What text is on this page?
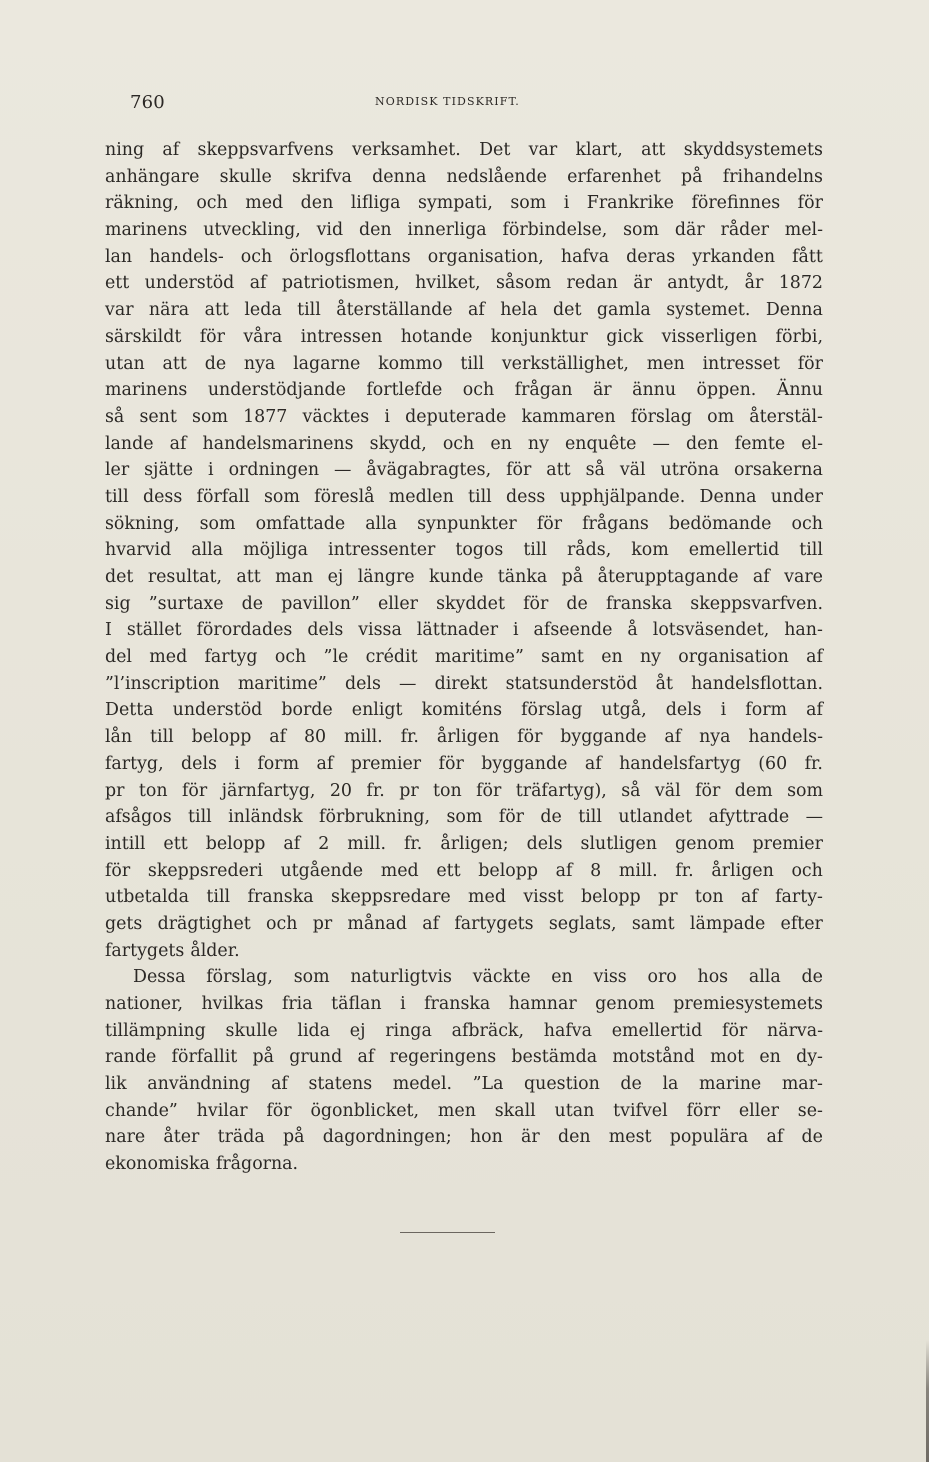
760	NORDISK TIDSKRIFT.
ning af skeppsvarfvens verksamhet. Det var klart, att skyddsystemets
anhängare skulle skrifva denna nedslående erfarenhet på frihandelns
räkning, och med den lifliga sympati, som i Frankrike förefinnes för
marinens utveckling, vid den innerliga förbindelse, som där råder mel-
lan handels- och örlogsflottans organisation, hafva deras yrkanden fått
ett understöd af patriotismen, hvilket, såsom redan är antydt, år 1872
var nära att leda till återställande af hela det gamla systemet. Denna
särskildt för våra intressen hotande konjunktur gick visserligen förbi,
utan att de nya lagarne kommo till verkställighet, men intresset för
marinens understödjande fortlefde och frågan är ännu öppen. Ännu
så sent som 1877 väcktes i deputerade kammaren förslag om återstäl-
lande af handelsmarinens skydd, och en ny enquête — den femte el-
ler sjätte i ordningen — åvägabragtes, för att så väl utröna orsakerna
till dess förfall som föreslå medlen till dess upphjälpande. Denna under
sökning, som omfattade alla synpunkter för frågans bedömande och
hvarvid alla möjliga intressenter togos till råds, kom emellertid till
det resultat, att man ej längre kunde tänka på återupptagande af vare
sig ”surtaxe de pavillon” eller skyddet för de franska skeppsvarfven.
I stället förordades dels vissa lättnader i afseende å lotsväsendet, han-
del med fartyg och ”le crédit maritime” samt en ny organisation af
”l’inscription maritime” dels — direkt statsunderstöd åt handelsflottan.
Detta understöd borde enligt komiténs förslag utgå, dels i form af
lån till belopp af 80 mill. fr. årligen för byggande af nya handels-
fartyg, dels i form af premier för byggande af handelsfartyg (60 fr.
pr ton för järnfartyg, 20 fr. pr ton för träfartyg), så väl för dem som
afsågos till inländsk förbrukning, som för de till utlandet afyttrade —
intill ett belopp af 2 mill. fr. årligen; dels slutligen genom premier
för skeppsrederi utgående med ett belopp af 8 mill. fr. årligen och
utbetalda till franska skeppsredare med visst belopp pr ton af farty-
gets drägtighet och pr månad af fartygets seglats, samt lämpade efter
fartygets ålder.
Dessa förslag, som naturligtvis väckte en viss oro hos alla de
nationer, hvilkas fria täflan i franska hamnar genom premiesystemets
tillämpning skulle lida ej ringa afbräck, hafva emellertid för närva-
rande förfallit på grund af regeringens bestämda motstånd mot en dy-
lik användning af statens medel. ”La question de la marine mar-
chande” hvilar för ögonblicket, men skall utan tvifvel förr eller se-
nare åter träda på dagordningen; hon är den mest populära af de
ekonomiska frågorna.
